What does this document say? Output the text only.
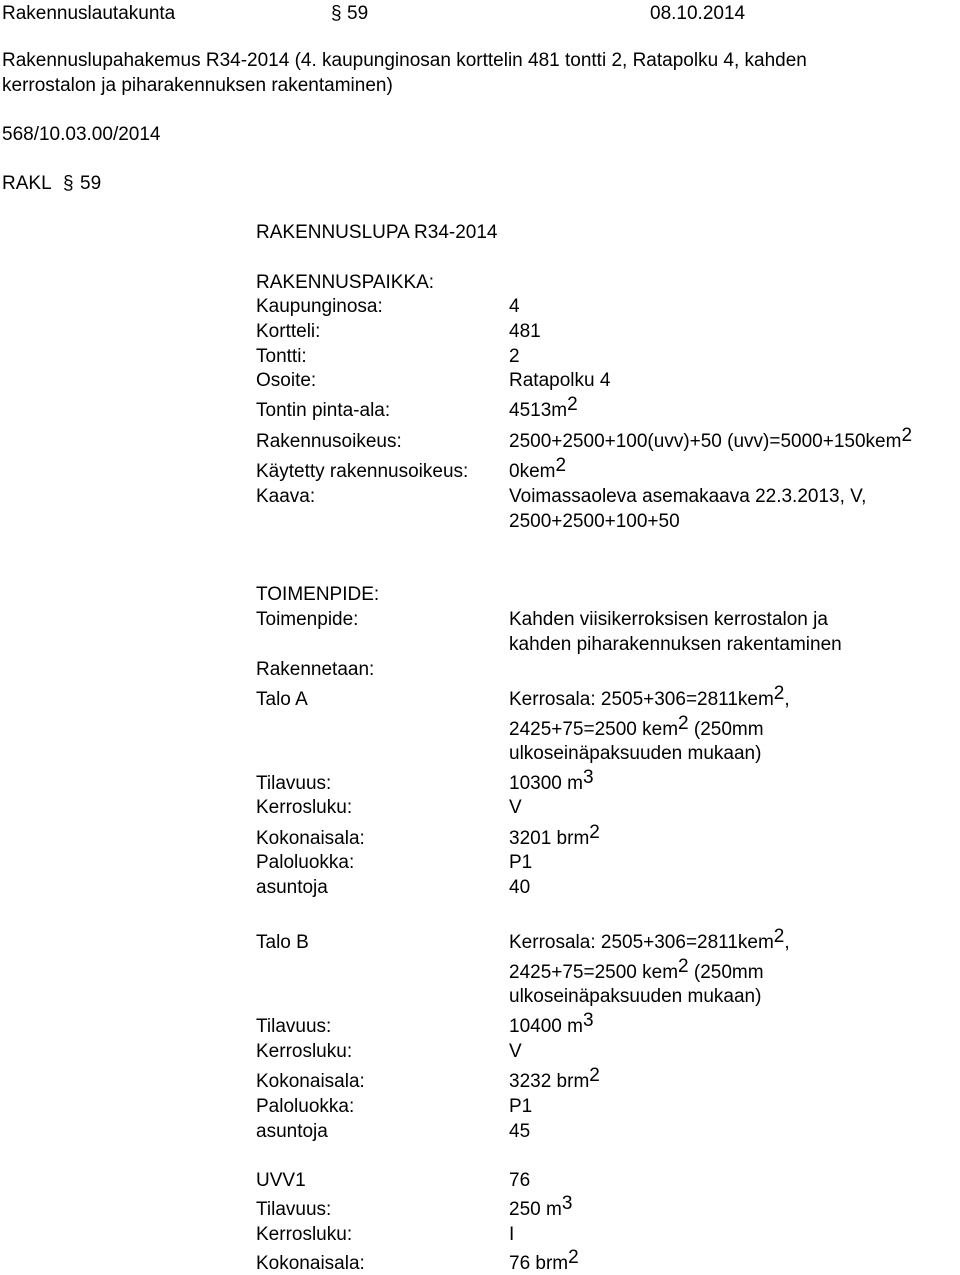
Rakennuslautakunta	§ 59	08.10.2014
Rakennuslupahakemus R34-2014 (4. kaupunginosan korttelin 481 tontti 2, Ratapolku 4, kahden
kerrostalon ja piharakennuksen rakentaminen)
568/10.03.00/2014
RAKL § 59
RAKENNUSLUPA R34-2014
RAKENNUSPAIKKA:
Kaupunginosa:	4
Kortteli:	481
Tontti:	2
Osoite:	Ratapolku 4
Tontin pinta-ala:	$4513m^2$
Rakennusoikeus:	2500+2500+100(uvv)+50 (uvv)=5000+150kem$^2$
Käytetty rakennusoikeus: 0kem$^2$
Kaava:	Voimassaoleva asemakaava 22.3.2013, V,
2500+2500+100+50
TOIMENPIDE:
Toimenpide:	Kahden viisikerroksisen kerrostalon ja
kahden piharakennuksen rakentaminen
Rakennetaan:
Talo A	Kerrosala: 2505+306=2811kem$^2$,
2425+75=2500 kem$^2$ (250mm
ulkoseinäpaksuuden mukaan)
Tilavuus:	10300 $m^3$
Kerrosluku:	V
Kokonaisala:	3201 brm$^2$
Paloluokka:	P1
asuntoja	40
Talo B	Kerrosala: 2505+306=2811kem$^2$,
2425+75=2500 kem$^2$ (250mm
ulkoseinäpaksuuden mukaan)
Tilavuus:	10400 $m^3$
Kerrosluku:	V
Kokonaisala:	3232 brm$^2$
Paloluokka:	P1
asuntoja	45
UVV1	76
Tilavuus:	250 $m^3$
Kerrosluku:	I
Kokonaisala:	76 brm$^2$
